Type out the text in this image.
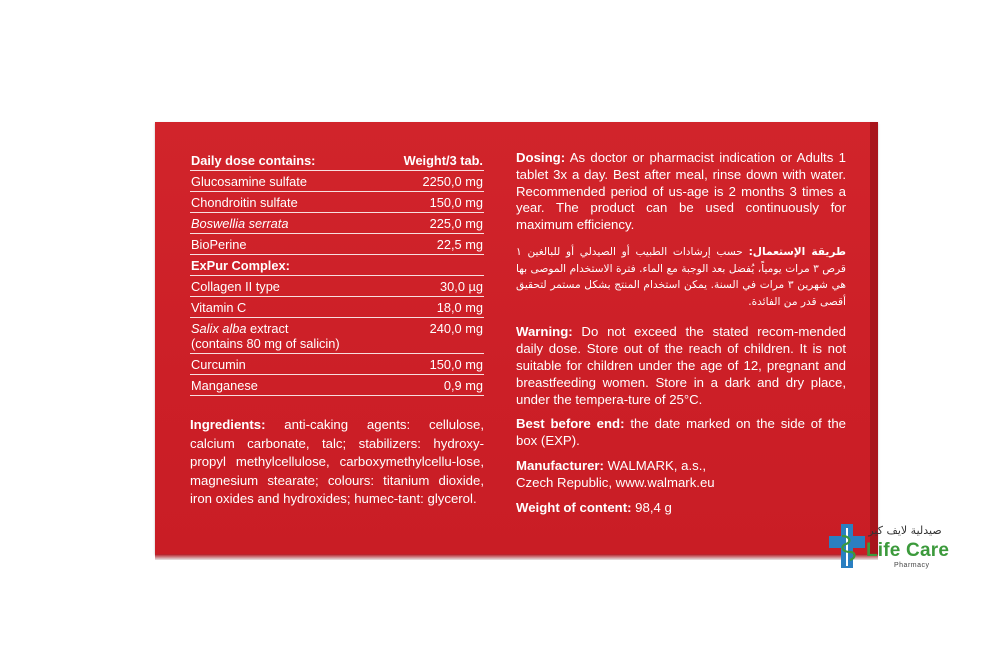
Daily dose contains:	Weight/3 tab.
Glucosamine sulfate	2250,0 mg
Chondroitin sulfate	150,0 mg
Boswellia serrata	225,0 mg
BioPerine	22,5 mg
ExPur Complex:	
Collagen II type	30,0 µg
Vitamin C	18,0 mg
Salix alba extract
(contains 80 mg of salicin)	240,0 mg
Curcumin	150,0 mg
Manganese	0,9 mg

Ingredients: anti-caking agents: cellulose, calcium carbonate, talc; stabilizers: hydroxy-propyl methylcellulose, carboxymethylcellu-lose, magnesium stearate; colours: titanium dioxide, iron oxides and hydroxides; humec-tant: glycerol.

Dosing: As doctor or pharmacist indication or Adults 1 tablet 3x a day. Best after meal, rinse down with water. Recommended period of us-age is 2 months 3 times a year. The product can be used continuously for maximum efficiency.

طريقة الإستعمال: حسب إرشادات الطبيب أو الصيدلي أو للبالغين ١ قرص ٣ مرات يومياً، يُفضل بعد الوجبة مع الماء. فترة الاستخدام الموصى بها هي شهرين ٣ مرات في السنة. يمكن استخدام المنتج بشكل مستمر لتحقيق أقصى قدر من الفائدة.

Warning: Do not exceed the stated recom-mended daily dose. Store out of the reach of children. It is not suitable for children under the age of 12, pregnant and breastfeeding women. Store in a dark and dry place, under the tempera-ture of 25°C.

Best before end: the date marked on the side of the box (EXP).

Manufacturer: WALMARK, a.s.,
Czech Republic, www.walmark.eu

Weight of content: 98,4 g

صيدلية لايف كير
Life Care
Pharmacy
